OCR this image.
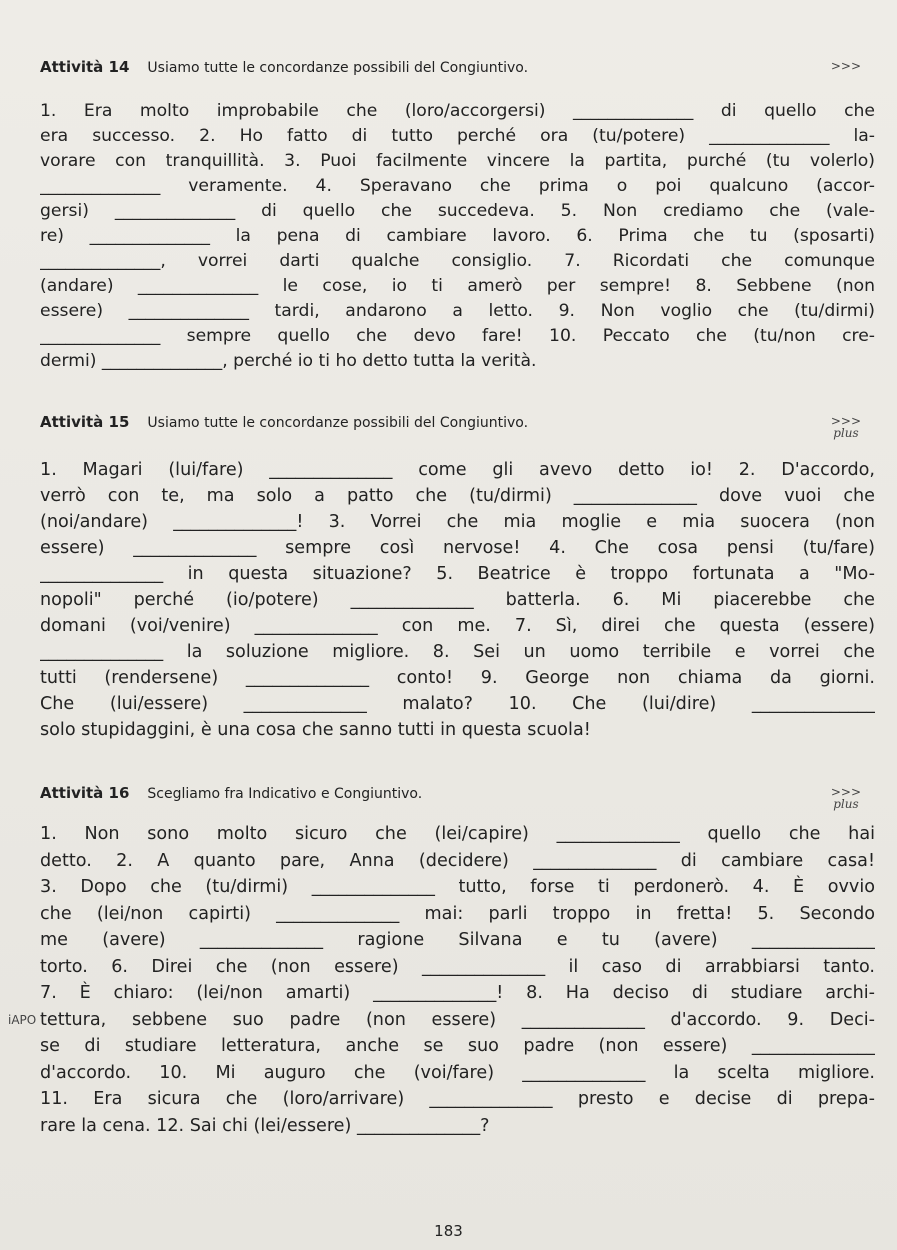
Attività 14 Usiamo tutte le concordanze possibili del Congiuntivo.	>>>
1. Era molto improbabile che (loro/accorgersi) ______________ di quello che
era successo. 2. Ho fatto di tutto perché ora (tu/potere) ______________ la-
vorare con tranquillità. 3. Puoi facilmente vincere la partita, purché (tu volerlo)
______________ veramente. 4. Speravano che prima o poi qualcuno (accor-
gersi) ______________ di quello che succedeva. 5. Non crediamo che (vale-
re) ______________ la pena di cambiare lavoro. 6. Prima che tu (sposarti)
______________, vorrei darti qualche consiglio. 7. Ricordati che comunque
(andare) ______________ le cose, io ti amerò per sempre! 8. Sebbene (non
essere) ______________ tardi, andarono a letto. 9. Non voglio che (tu/dirmi)
______________ sempre quello che devo fare! 10. Peccato che (tu/non cre-
dermi) ______________, perché io ti ho detto tutta la verità.
Attività 15 Usiamo tutte le concordanze possibili del Congiuntivo.	>>>
plus
1. Magari (lui/fare) ______________ come gli avevo detto io! 2. D'accordo,
verrò con te, ma solo a patto che (tu/dirmi) ______________ dove vuoi che
(noi/andare) ______________! 3. Vorrei che mia moglie e mia suocera (non
essere) ______________ sempre così nervose! 4. Che cosa pensi (tu/fare)
______________ in questa situazione? 5. Beatrice è troppo fortunata a "Mo-
nopoli" perché (io/potere) ______________ batterla. 6. Mi piacerebbe che
domani (voi/venire) ______________ con me. 7. Sì, direi che questa (essere)
______________ la soluzione migliore. 8. Sei un uomo terribile e vorrei che
tutti (rendersene) ______________ conto! 9. George non chiama da giorni.
Che (lui/essere) ______________ malato? 10. Che (lui/dire) ______________
solo stupidaggini, è una cosa che sanno tutti in questa scuola!
Attività 16 Scegliamo fra Indicativo e Congiuntivo.	>>>
plus
1. Non sono molto sicuro che (lei/capire) ______________ quello che hai
detto. 2. A quanto pare, Anna (decidere) ______________ di cambiare casa!
3. Dopo che (tu/dirmi) ______________ tutto, forse ti perdonerò. 4. È ovvio
che (lei/non capirti) ______________ mai: parli troppo in fretta! 5. Secondo
me (avere) ______________ ragione Silvana e tu (avere) ______________
torto. 6. Direi che (non essere) ______________ il caso di arrabbiarsi tanto.
7. È chiaro: (lei/non amarti) ______________! 8. Ha deciso di studiare archi-
tettura, sebbene suo padre (non essere) ______________ d'accordo. 9. Deci-
se di studiare letteratura, anche se suo padre (non essere) ______________
d'accordo. 10. Mi auguro che (voi/fare) ______________ la scelta migliore.
11. Era sicura che (loro/arrivare) ______________ presto e decise di prepa-
rare la cena. 12. Sai chi (lei/essere) ______________?
iAPO
183
